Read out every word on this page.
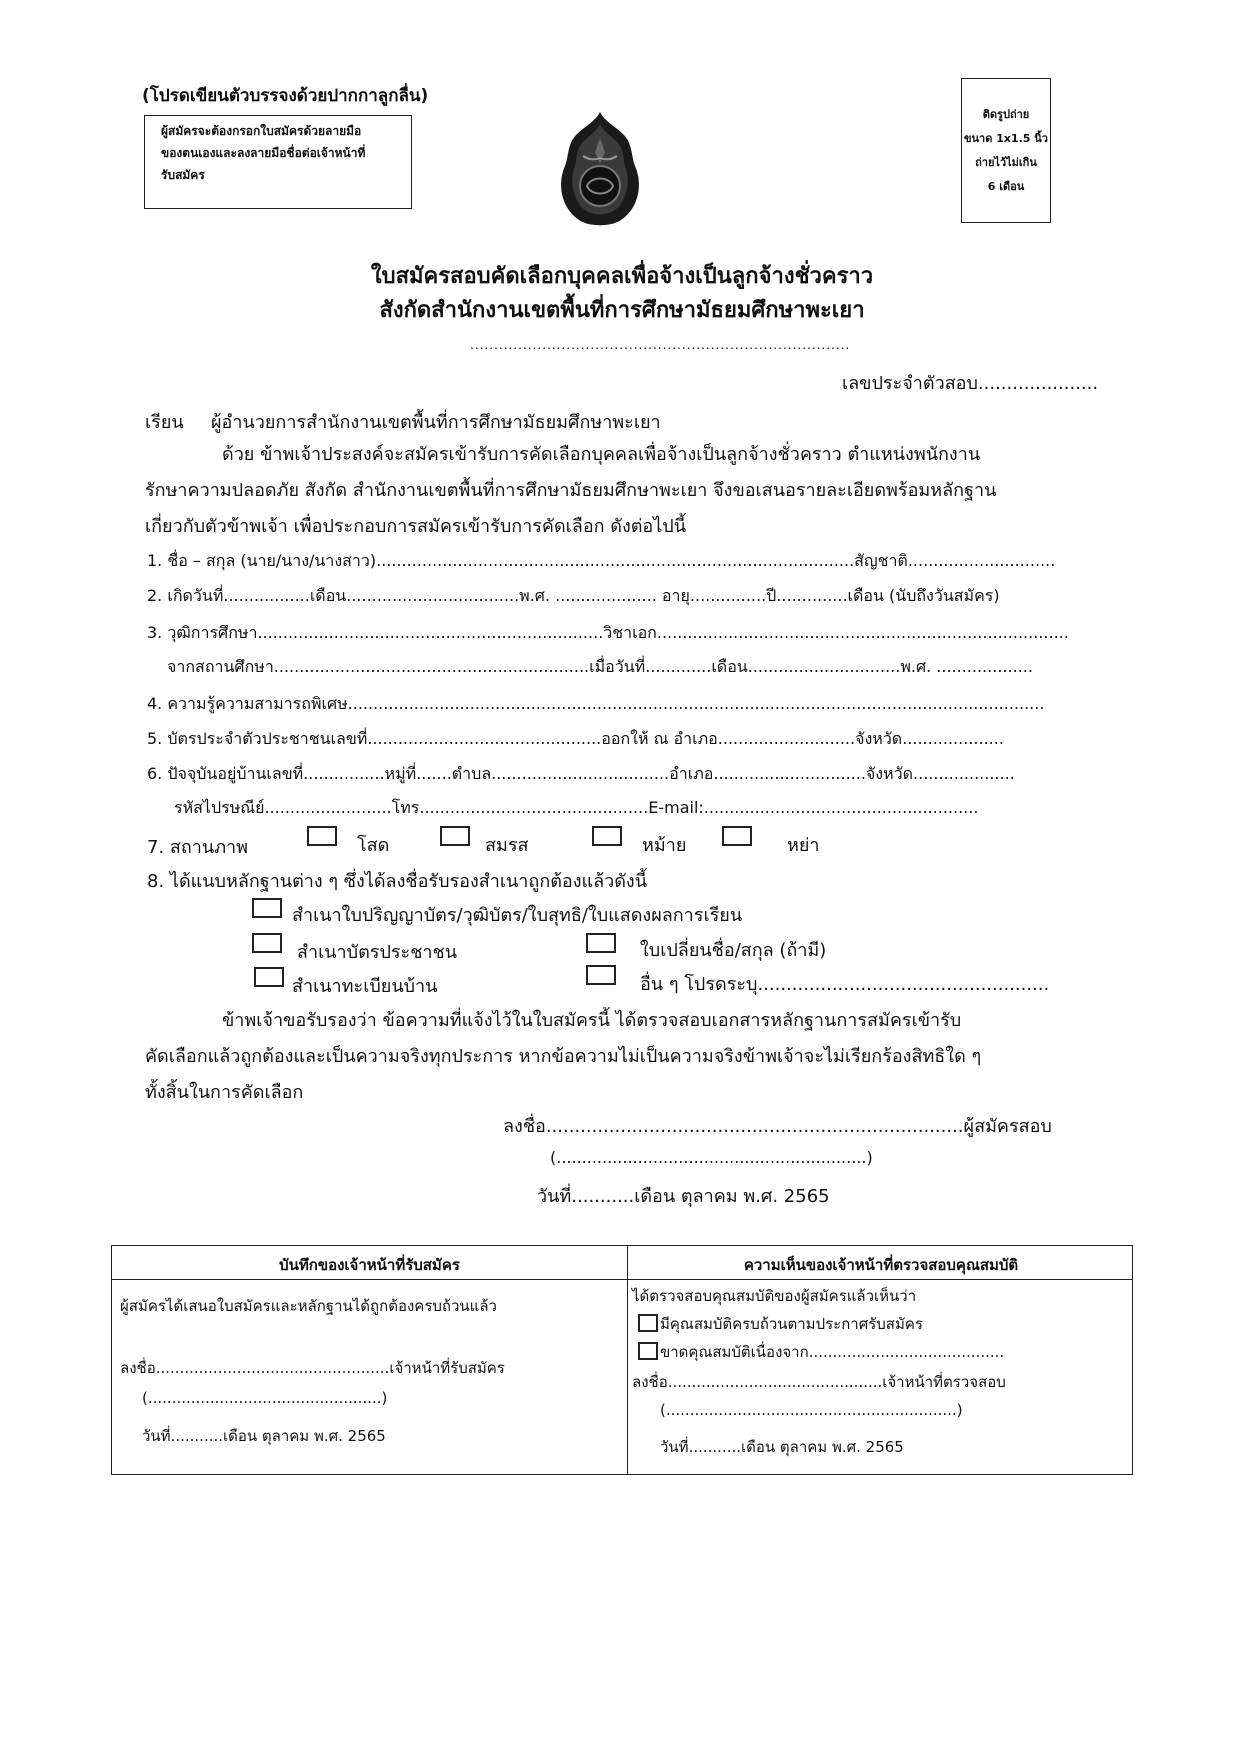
(โปรดเขียนตัวบรรจงด้วยปากกาลูกลื่น)
ผู้สมัครจะต้องกรอกใบสมัครด้วยลายมือ
ของตนเองและลงลายมือชื่อต่อเจ้าหน้าที่
รับสมัคร
ติดรูปถ่าย
ขนาด 1x1.5 นิ้ว
ถ่ายไว้ไม่เกิน
6 เดือน
ใบสมัครสอบคัดเลือกบุคคลเพื่อจ้างเป็นลูกจ้างชั่วคราว
สังกัดสำนักงานเขตพื้นที่การศึกษามัธยมศึกษาพะเยา
...............................................................................
เลขประจำตัวสอบ.....................
เรียน ผู้อำนวยการสำนักงานเขตพื้นที่การศึกษามัธยมศึกษาพะเยา
ด้วย ข้าพเจ้าประสงค์จะสมัครเข้ารับการคัดเลือกบุคคลเพื่อจ้างเป็นลูกจ้างชั่วคราว ตำแหน่งพนักงาน
รักษาความปลอดภัย สังกัด สำนักงานเขตพื้นที่การศึกษามัธยมศึกษาพะเยา จึงขอเสนอรายละเอียดพร้อมหลักฐาน
เกี่ยวกับตัวข้าพเจ้า เพื่อประกอบการสมัครเข้ารับการคัดเลือก ดังต่อไปนี้
1. ชื่อ – สกุล (นาย/นาง/นางสาว)..............................................................................................สัญชาติ.............................
2. เกิดวันที่.................เดือน..................................พ.ศ. .................... อายุ...............ปี..............เดือน (นับถึงวันสมัคร)
3. วุฒิการศึกษา....................................................................วิชาเอก.................................................................................
จากสถานศึกษา..............................................................เมื่อวันที่.............เดือน..............................พ.ศ. ...................
4. ความรู้ความสามารถพิเศษ.........................................................................................................................................
5. บัตรประจำตัวประชาชนเลขที่..............................................ออกให้ ณ อำเภอ...........................จังหวัด....................
6. ปัจจุบันอยู่บ้านเลขที่................หมู่ที่.......ตำบล...................................อำเภอ..............................จังหวัด....................
รหัสไปรษณีย์.........................โทร.............................................E-mail:......................................................
7. สถานภาพ	โสด	สมรส	หม้าย	หย่า
8. ได้แนบหลักฐานต่าง ๆ ซึ่งได้ลงชื่อรับรองสำเนาถูกต้องแล้วดังนี้
สำเนาใบปริญญาบัตร/วุฒิบัตร/ใบสุทธิ/ใบแสดงผลการเรียน
สำเนาบัตรประชาชน	ใบเปลี่ยนชื่อ/สกุล (ถ้ามี)
สำเนาทะเบียนบ้าน	อื่น ๆ โปรดระบุ...................................................
ข้าพเจ้าขอรับรองว่า ข้อความที่แจ้งไว้ในใบสมัครนี้ ได้ตรวจสอบเอกสารหลักฐานการสมัครเข้ารับ
คัดเลือกแล้วถูกต้องและเป็นความจริงทุกประการ หากข้อความไม่เป็นความจริงข้าพเจ้าจะไม่เรียกร้องสิทธิใด ๆ
ทั้งสิ้นในการคัดเลือก
ลงชื่อ.........................................................................ผู้สมัครสอบ
(.............................................................)
วันที่...........เดือน ตุลาคม พ.ศ. 2565
บันทึกของเจ้าหน้าที่รับสมัคร	ความเห็นของเจ้าหน้าที่ตรวจสอบคุณสมบัติ
ผู้สมัครได้เสนอใบสมัครและหลักฐานได้ถูกต้องครบถ้วนแล้ว
ลงชื่อ.................................................เจ้าหน้าที่รับสมัคร
(.................................................)
วันที่...........เดือน ตุลาคม พ.ศ. 2565
ได้ตรวจสอบคุณสมบัติของผู้สมัครแล้วเห็นว่า
มีคุณสมบัติครบถ้วนตามประกาศรับสมัคร
ขาดคุณสมบัติเนื่องจาก.........................................
ลงชื่อ.............................................เจ้าหน้าที่ตรวจสอบ
(.............................................................)
วันที่...........เดือน ตุลาคม พ.ศ. 2565
